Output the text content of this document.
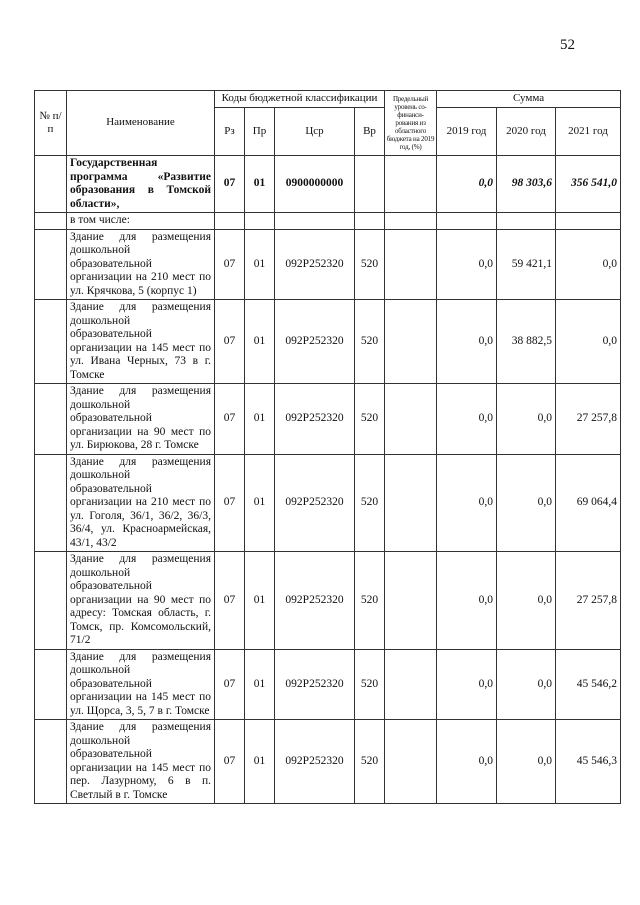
52
№ п/п	Наименование	Коды бюджетной классификации				Предельный уровень со-финанси-рования из областного бюджета на 2019 год, (%)	Сумма		
		Рз	Пр	Цср	Вр		2019 год	2020 год	2021 год
	Государственная программа «Развитие образования в Томской области»,	07	01	0900000000			0,0	98 303,6	356 541,0
	в том числе:								
	Здание для размещения дошкольной образовательной организации на 210 мест по ул. Крячкова, 5 (корпус 1)	07	01	092P252320	520		0,0	59 421,1	0,0
	Здание для размещения дошкольной образовательной организации на 145 мест по ул. Ивана Черных, 73 в г. Томске	07	01	092P252320	520		0,0	38 882,5	0,0
	Здание для размещения дошкольной образовательной организации на 90 мест по ул. Бирюкова, 28 г. Томске	07	01	092P252320	520		0,0	0,0	27 257,8
	Здание для размещения дошкольной образовательной организации на 210 мест по ул. Гоголя, 36/1, 36/2, 36/3, 36/4, ул. Красноармейская, 43/1, 43/2	07	01	092P252320	520		0,0	0,0	69 064,4
	Здание для размещения дошкольной образовательной организации на 90 мест по адресу: Томская область, г. Томск, пр. Комсомольский, 71/2	07	01	092P252320	520		0,0	0,0	27 257,8
	Здание для размещения дошкольной образовательной организации на 145 мест по ул. Щорса, 3, 5, 7 в г. Томске	07	01	092P252320	520		0,0	0,0	45 546,2
	Здание для размещения дошкольной образовательной организации на 145 мест по пер. Лазурному, 6 в п. Светлый в г. Томске	07	01	092P252320	520		0,0	0,0	45 546,3
